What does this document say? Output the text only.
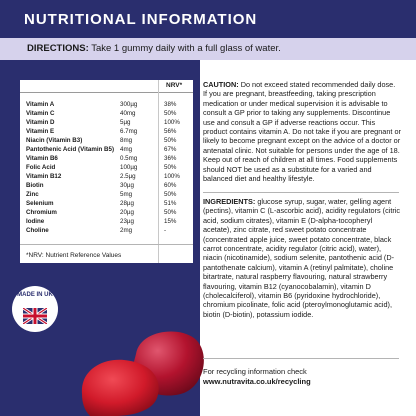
NUTRITIONAL INFORMATION
DIRECTIONS: Take 1 gummy daily with a full glass of water.
NRV*
Vitamin A	300µg	38%
Vitamin C	40mg	50%
Vitamin D	5µg	100%
Vitamin E	6.7mg	56%
Niacin (Vitamin B3)	8mg	50%
Pantothenic Acid (Vitamin B5) 4mg	67%
Vitamin B6	0.5mg	36%
Folic Acid	100µg	50%
Vitamin B12	2.5µg	100%
Biotin	30µg	60%
Zinc	5mg	50%
Selenium	28µg	51%
Chromium	20µg	50%
Iodine	23µg	15%
Choline	2mg	-
*NRV: Nutrient Reference Values
MADE IN UK
CAUTION: Do not exceed stated recommended daily dose. If you are pregnant, breastfeeding, taking prescription medication or under medical supervision it is advisable to consult a GP prior to taking any supplements. Discontinue use and consult a GP if adverse reactions occur. This product contains vitamin A. Do not take if you are pregnant or likely to become pregnant except on the advice of a doctor or antenatal clinic. Not suitable for persons under the age of 18. Keep out of reach of children at all times. Food supplements should NOT be used as a substitute for a varied and balanced diet and healthy lifestyle.
INGREDIENTS: glucose syrup, sugar, water, gelling agent (pectins), vitamin C (L-ascorbic acid), acidity regulators (citric acid, sodium citrates), vitamin E (D-alpha-tocopheryl acetate), zinc citrate, red sweet potato concentrate (concentrated apple juice, sweet potato concentrate, black carrot concentrate, acidity regulator (citric acid), water), niacin (nicotinamide), sodium selenite, pantothenic acid (D-pantothenate calcium), vitamin A (retinyl palmitate), choline bitartrate, natural raspberry flavouring, natural strawberry flavouring, vitamin B12 (cyanocobalamin), vitamin D (cholecalciferol), vitamin B6 (pyridoxine hydrochloride), chromium picolinate, folic acid (pteroylmonoglutamic acid), biotin (D-biotin), potassium iodide.
For recycling information check
www.nutravita.co.uk/recycling
